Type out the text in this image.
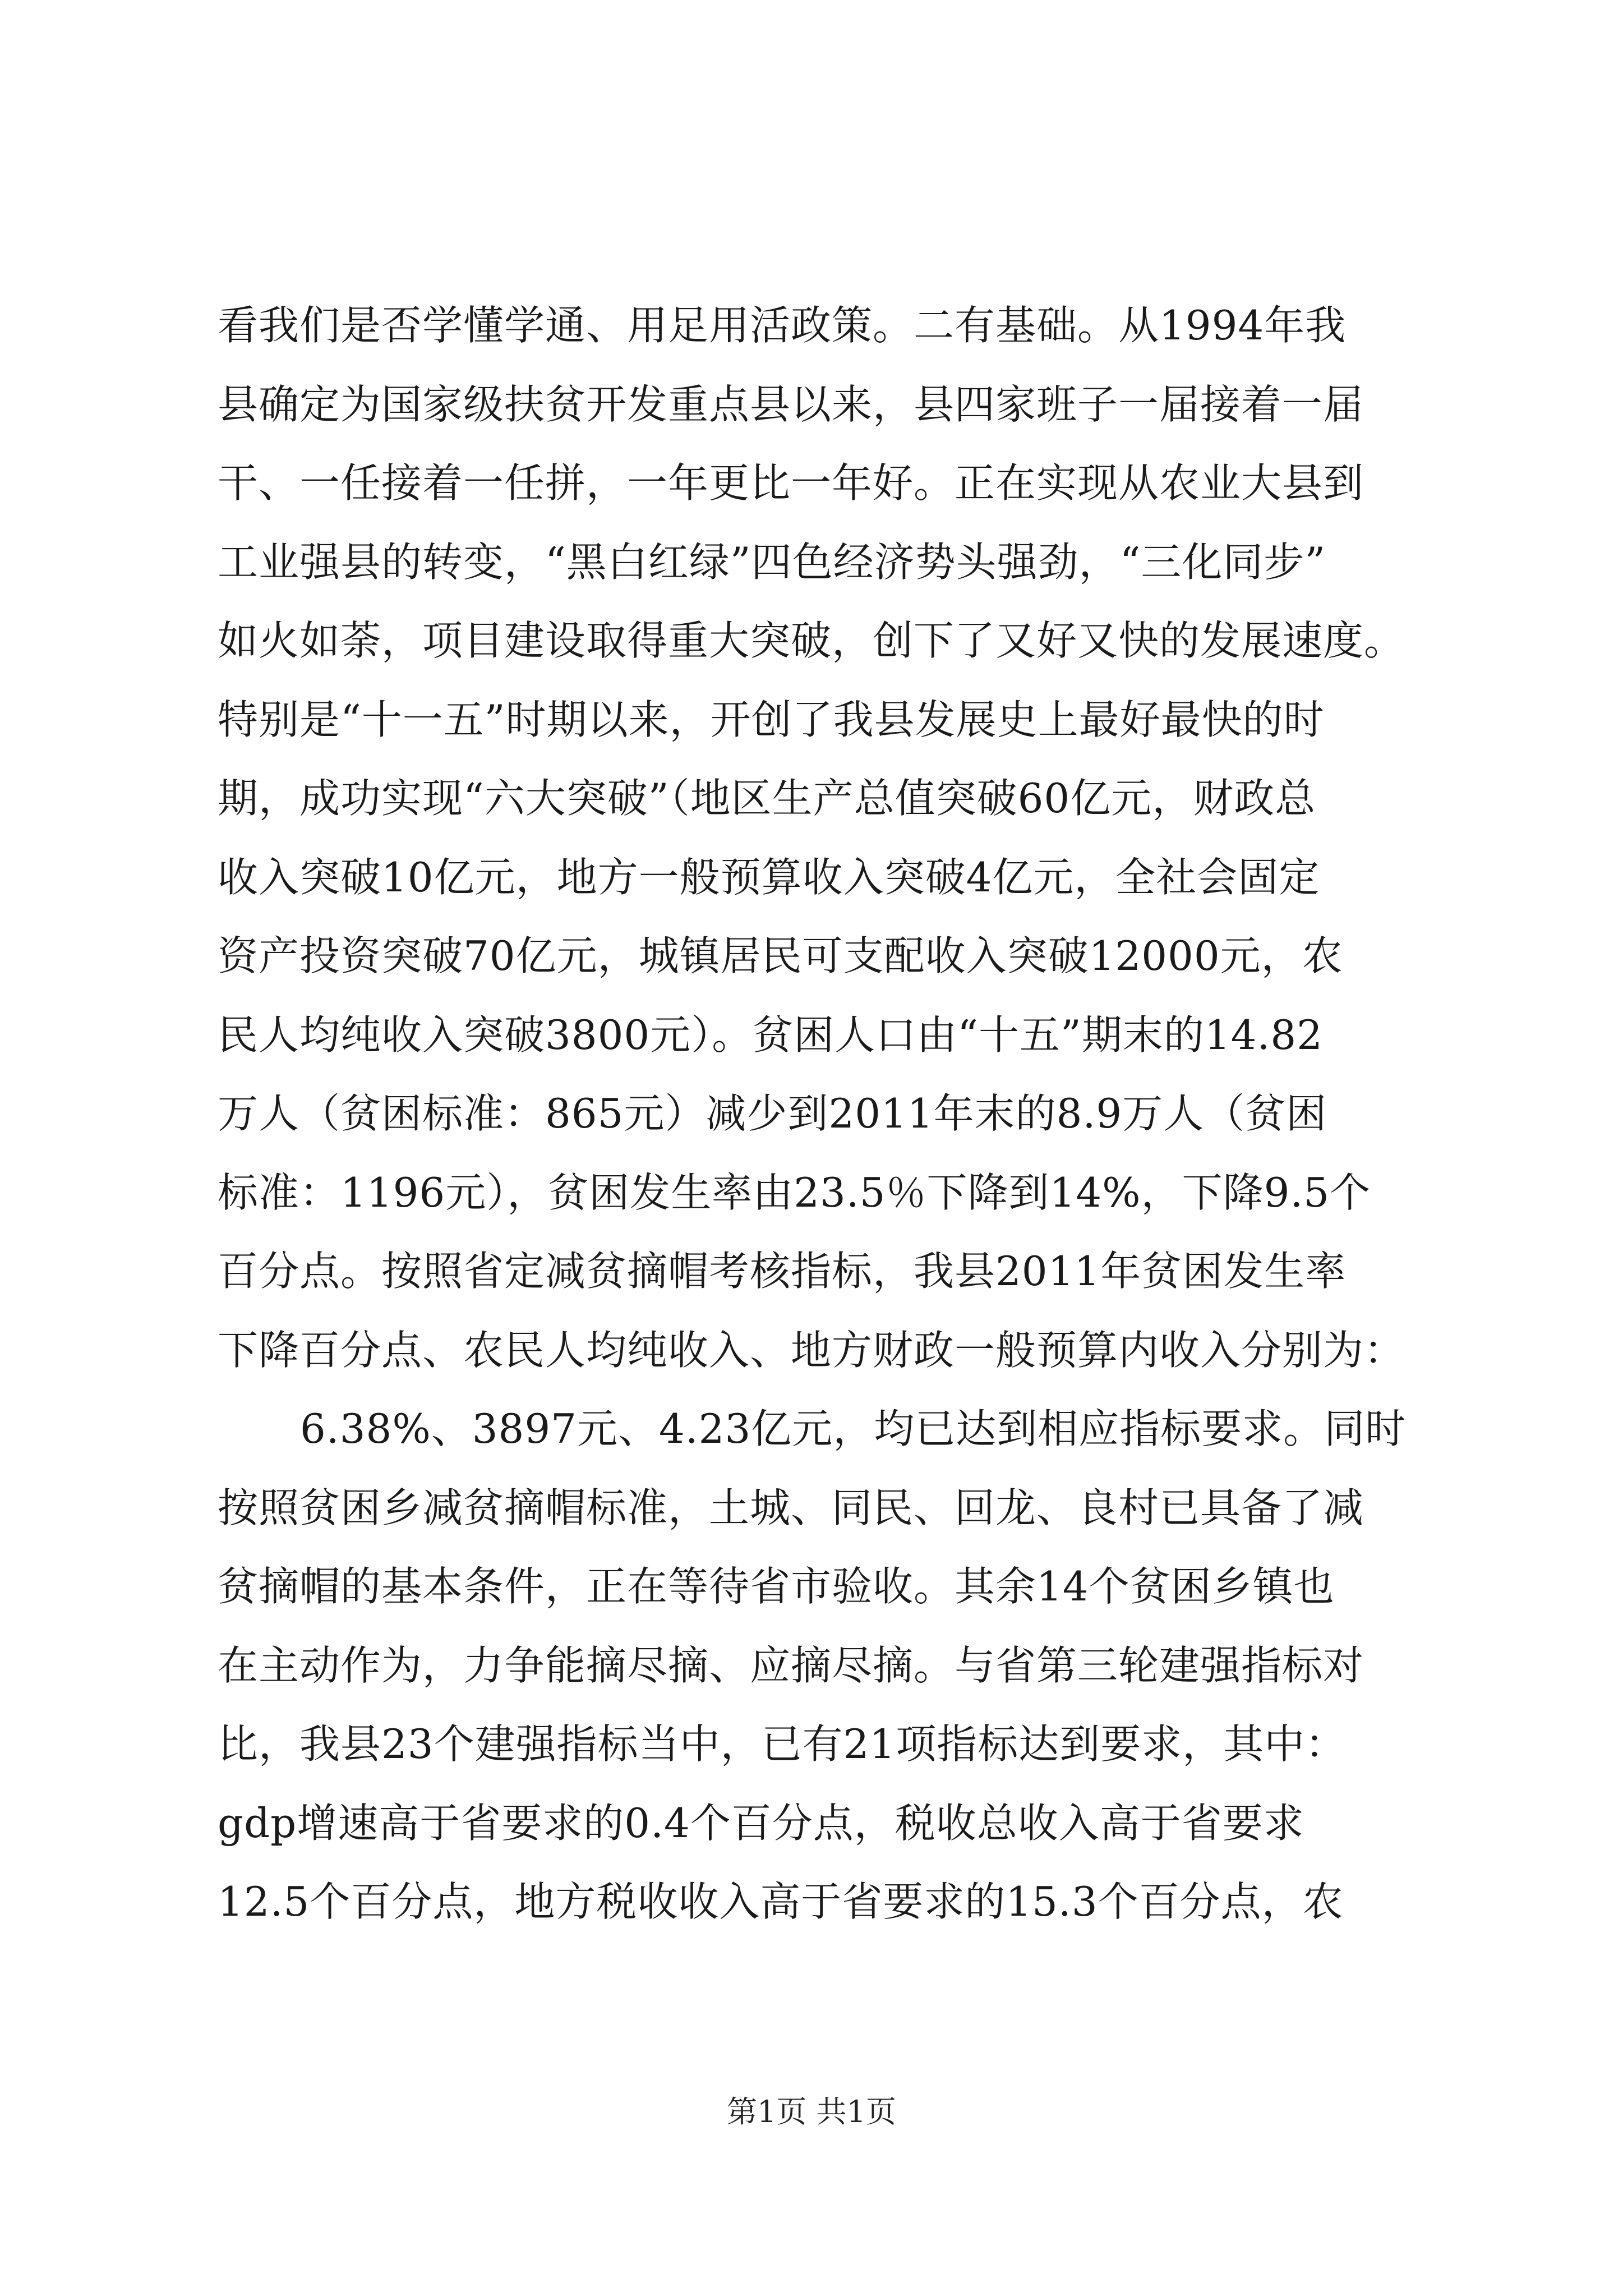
看我们是否学懂学通、用足用活政策。二有基础。从1994年我
县确定为国家级扶贫开发重点县以来，县四家班子一届接着一届
干、一任接着一任拼，一年更比一年好。正在实现从农业大县到
工业强县的转变，“黑白红绿”四色经济势头强劲，“三化同步”
如火如荼，项目建设取得重大突破，创下了又好又快的发展速度。
特别是“十一五”时期以来，开创了我县发展史上最好最快的时
期，成功实现“六大突破”（地区生产总值突破60亿元，财政总
收入突破10亿元，地方一般预算收入突破4亿元，全社会固定
资产投资突破70亿元，城镇居民可支配收入突破12000元，农
民人均纯收入突破3800元）。贫困人口由“十五”期末的14.82
万人（贫困标准：865元）减少到2011年末的8.9万人（贫困
标准：1196元），贫困发生率由23.5％下降到14%，下降9.5个
百分点。按照省定减贫摘帽考核指标，我县2011年贫困发生率
下降百分点、农民人均纯收入、地方财政一般预算内收入分别为：
6.38%、3897元、4.23亿元，均已达到相应指标要求。同时
按照贫困乡减贫摘帽标准，土城、同民、回龙、良村已具备了减
贫摘帽的基本条件，正在等待省市验收。其余14个贫困乡镇也
在主动作为，力争能摘尽摘、应摘尽摘。与省第三轮建强指标对
比，我县23个建强指标当中，已有21项指标达到要求，其中：
gdp增速高于省要求的0.4个百分点，税收总收入高于省要求
12.5个百分点，地方税收收入高于省要求的15.3个百分点，农
第1页 共1页
